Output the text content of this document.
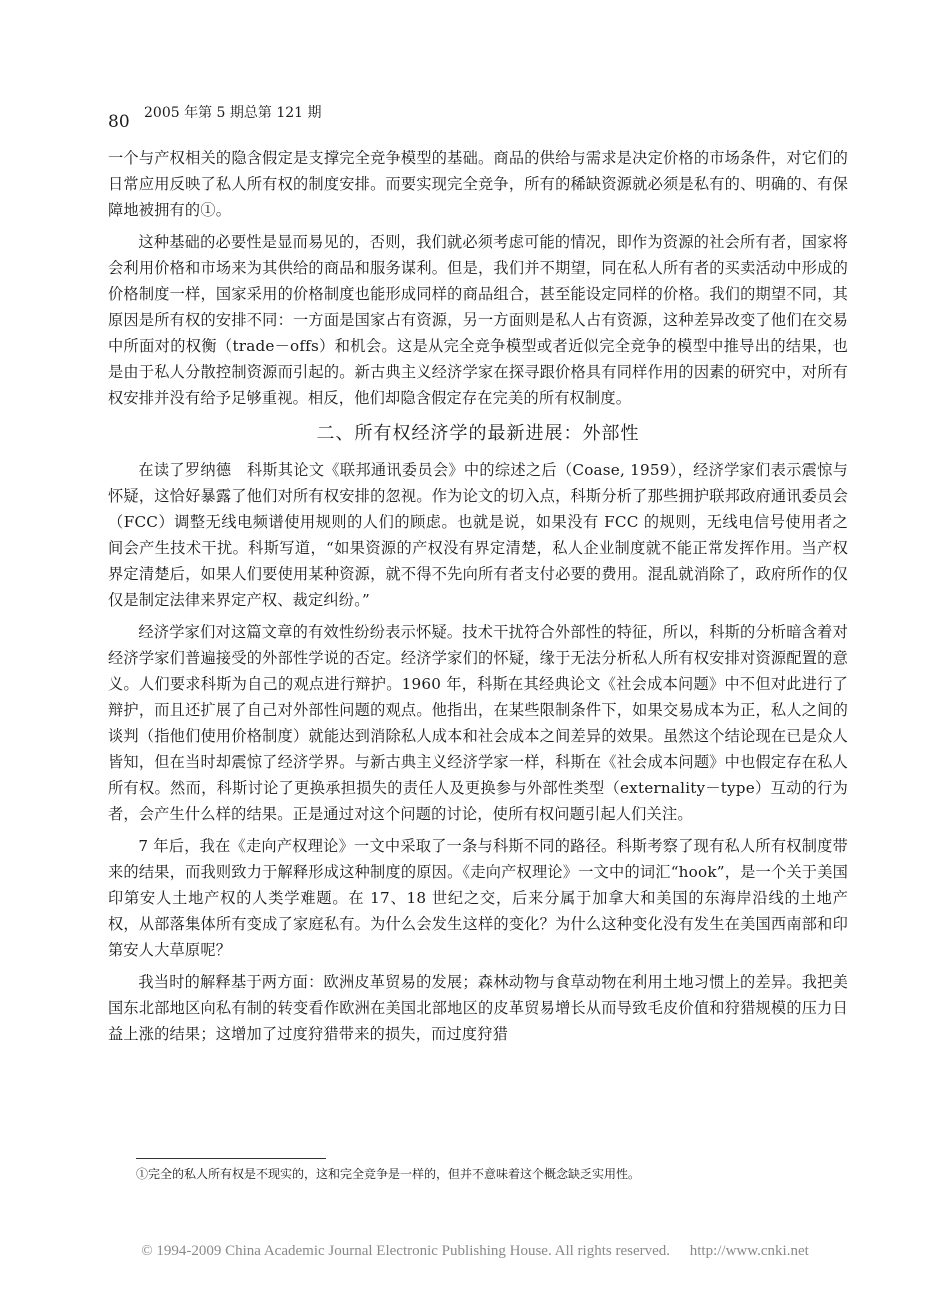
80 2005 年第 5 期总第 121 期

一个与产权相关的隐含假定是支撑完全竞争模型的基础。商品的供给与需求是决定价格的市场条件，对它们的日常应用反映了私人所有权的制度安排。而要实现完全竞争，所有的稀缺资源就必须是私有的、明确的、有保障地被拥有的①。

这种基础的必要性是显而易见的，否则，我们就必须考虑可能的情况，即作为资源的社会所有者，国家将会利用价格和市场来为其供给的商品和服务谋利。但是，我们并不期望，同在私人所有者的买卖活动中形成的价格制度一样，国家采用的价格制度也能形成同样的商品组合，甚至能设定同样的价格。我们的期望不同，其原因是所有权的安排不同：一方面是国家占有资源，另一方面则是私人占有资源，这种差异改变了他们在交易中所面对的权衡（trade－offs）和机会。这是从完全竞争模型或者近似完全竞争的模型中推导出的结果，也是由于私人分散控制资源而引起的。新古典主义经济学家在探寻跟价格具有同样作用的因素的研究中，对所有权安排并没有给予足够重视。相反，他们却隐含假定存在完美的所有权制度。

二、所有权经济学的最新进展：外部性

在读了罗纳德　科斯其论文《联邦通讯委员会》中的综述之后（Coase, 1959），经济学家们表示震惊与怀疑，这恰好暴露了他们对所有权安排的忽视。作为论文的切入点，科斯分析了那些拥护联邦政府通讯委员会（FCC）调整无线电频谱使用规则的人们的顾虑。也就是说，如果没有 FCC 的规则，无线电信号使用者之间会产生技术干扰。科斯写道，“如果资源的产权没有界定清楚，私人企业制度就不能正常发挥作用。当产权界定清楚后，如果人们要使用某种资源，就不得不先向所有者支付必要的费用。混乱就消除了，政府所作的仅仅是制定法律来界定产权、裁定纠纷。”

经济学家们对这篇文章的有效性纷纷表示怀疑。技术干扰符合外部性的特征，所以，科斯的分析暗含着对经济学家们普遍接受的外部性学说的否定。经济学家们的怀疑，缘于无法分析私人所有权安排对资源配置的意义。人们要求科斯为自己的观点进行辩护。1960 年，科斯在其经典论文《社会成本问题》中不但对此进行了辩护，而且还扩展了自己对外部性问题的观点。他指出，在某些限制条件下，如果交易成本为正，私人之间的谈判（指他们使用价格制度）就能达到消除私人成本和社会成本之间差异的效果。虽然这个结论现在已是众人皆知，但在当时却震惊了经济学界。与新古典主义经济学家一样，科斯在《社会成本问题》中也假定存在私人所有权。然而，科斯讨论了更换承担损失的责任人及更换参与外部性类型（externality－type）互动的行为者，会产生什么样的结果。正是通过对这个问题的讨论，使所有权问题引起人们关注。

7 年后，我在《走向产权理论》一文中采取了一条与科斯不同的路径。科斯考察了现有私人所有权制度带来的结果，而我则致力于解释形成这种制度的原因。《走向产权理论》一文中的词汇“hook”，是一个关于美国印第安人土地产权的人类学难题。在 17、18 世纪之交，后来分属于加拿大和美国的东海岸沿线的土地产权，从部落集体所有变成了家庭私有。为什么会发生这样的变化？为什么这种变化没有发生在美国西南部和印第安人大草原呢？

我当时的解释基于两方面：欧洲皮革贸易的发展；森林动物与食草动物在利用土地习惯上的差异。我把美国东北部地区向私有制的转变看作欧洲在美国北部地区的皮革贸易增长从而导致毛皮价值和狩猎规模的压力日益上涨的结果；这增加了过度狩猎带来的损失，而过度狩猎

①完全的私人所有权是不现实的，这和完全竞争是一样的，但并不意味着这个概念缺乏实用性。
© 1994-2009 China Academic Journal Electronic Publishing House. All rights reserved. http://www.cnki.net
